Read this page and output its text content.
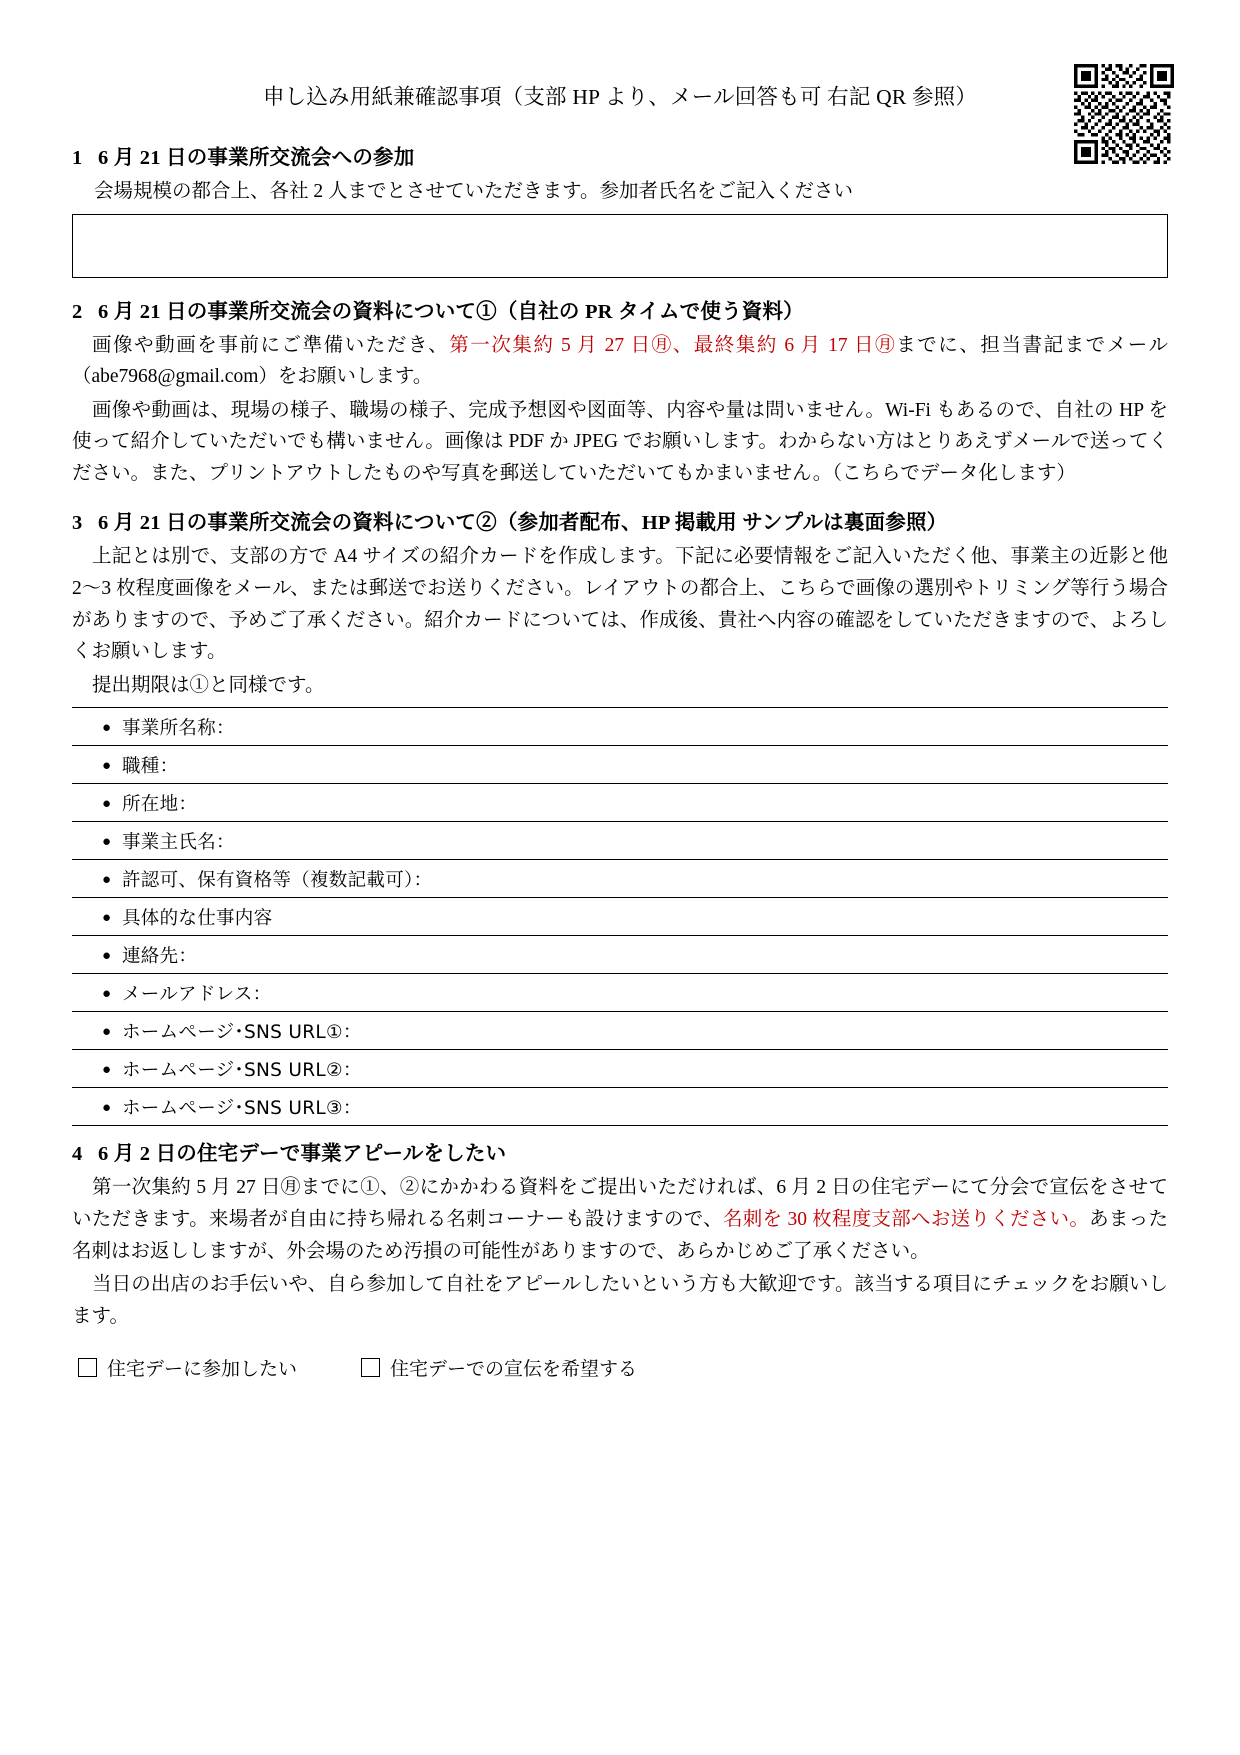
申し込み用紙兼確認事項（支部 HP より、メール回答も可 右記 QR 参照）
1 6 月 21 日の事業所交流会への参加

会場規模の都合上、各社 2 人までとさせていただきます。参加者氏名をご記入ください

2 6 月 21 日の事業所交流会の資料について①（自社の PR タイムで使う資料）

画像や動画を事前にご準備いただき、第一次集約 5 月 27 日㊊、最終集約 6 月 17 日㊊までに、担当書記までメール（abe7968@gmail.com）をお願いします。

画像や動画は、現場の様子、職場の様子、完成予想図や図面等、内容や量は問いません。Wi-Fi もあるので、自社の HP を使って紹介していただいでも構いません。画像は PDF か JPEG でお願いします。わからない方はとりあえずメールで送ってください。また、プリントアウトしたものや写真を郵送していただいてもかまいません。（こちらでデータ化します）

3 6 月 21 日の事業所交流会の資料について②（参加者配布、HP 掲載用 サンプルは裏面参照）

上記とは別で、支部の方で A4 サイズの紹介カードを作成します。下記に必要情報をご記入いただく他、事業主の近影と他 2〜3 枚程度画像をメール、または郵送でお送りください。レイアウトの都合上、こちらで画像の選別やトリミング等行う場合がありますので、予めご了承ください。紹介カードについては、作成後、貴社へ内容の確認をしていただきますので、よろしくお願いします。

提出期限は①と同様です。

● 事業所名称：
● 職種：
● 所在地：
● 事業主氏名：
● 許認可、保有資格等（複数記載可）：
● 具体的な仕事内容
● 連絡先：
● メールアドレス：
● ホームページ･SNS URL①：
● ホームページ･SNS URL②：
● ホームページ･SNS URL③：
4 6 月 2 日の住宅デーで事業アピールをしたい

第一次集約 5 月 27 日㊊までに①、②にかかわる資料をご提出いただければ、6 月 2 日の住宅デーにて分会で宣伝をさせていただきます。来場者が自由に持ち帰れる名刺コーナーも設けますので、名刺を 30 枚程度支部へお送りください。あまった名刺はお返ししますが、外会場のため汚損の可能性がありますので、あらかじめご了承ください。

当日の出店のお手伝いや、自ら参加して自社をアピールしたいという方も大歓迎です。該当する項目にチェックをお願いします。

住宅デーに参加したい	住宅デーでの宣伝を希望する
